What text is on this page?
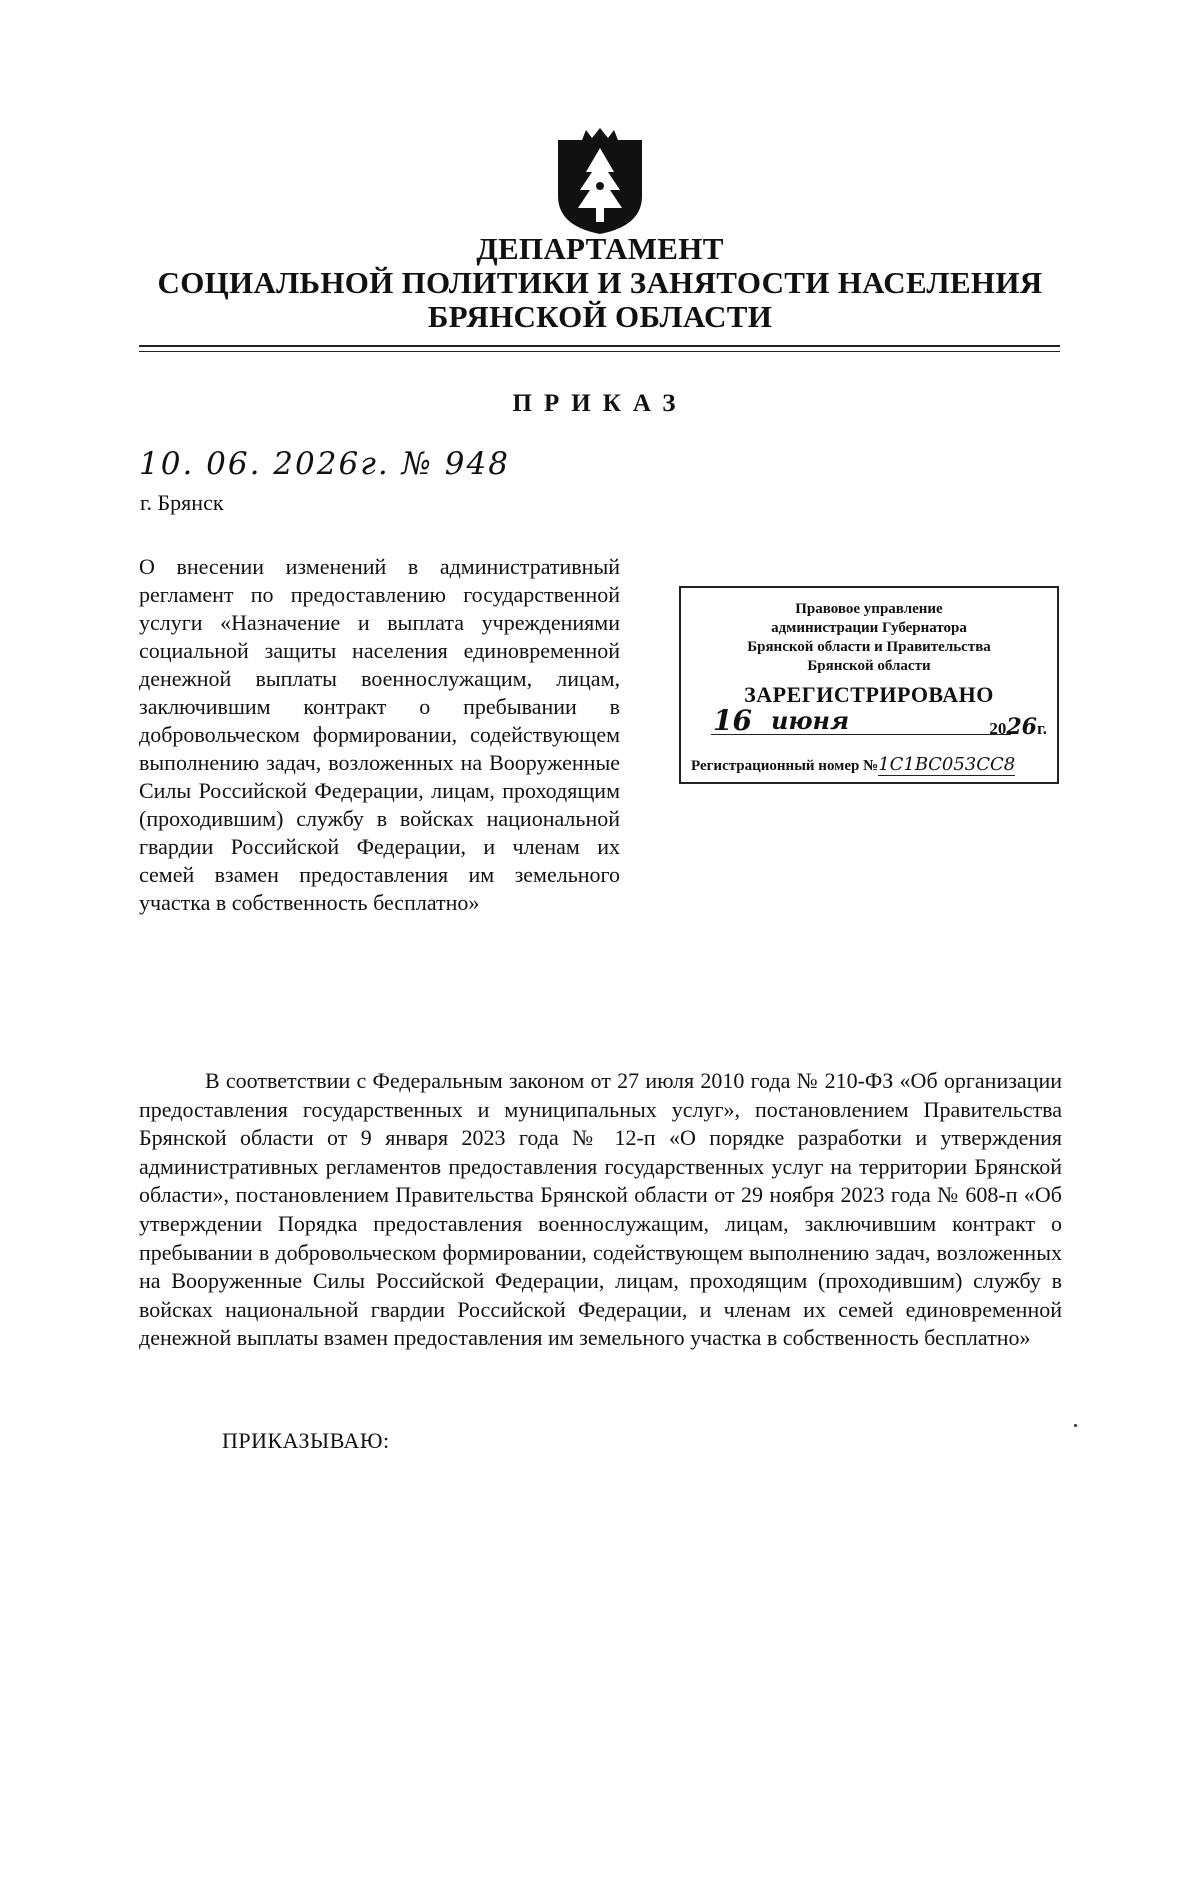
ДЕПАРТАМЕНТ
СОЦИАЛЬНОЙ ПОЛИТИКИ И ЗАНЯТОСТИ НАСЕЛЕНИЯ
БРЯНСКОЙ ОБЛАСТИ
ПРИКАЗ
10. 06. 2026г. № 948
г. Брянск
О внесении изменений в административный регламент по предоставлению государственной услуги «Назначение и выплата учреждениями социальной защиты населения единовременной денежной выплаты военнослужащим, лицам, заключившим контракт о пребывании в добровольческом формировании, содействующем выполнению задач, возложенных на Вооруженные Силы Российской Федерации, лицам, проходящим (проходившим) службу в войсках национальной гвардии Российской Федерации, и членам их семей взамен предоставления им земельного участка в собственность бесплатно»
Правовое управление
администрации Губернатора
Брянской области и Правительства
Брянской области
ЗАРЕГИСТРИРОВАНО
16 июня	2026г.
Регистрационный номер №1С1ВС053СС8
В соответствии с Федеральным законом от 27 июля 2010 года № 210-ФЗ «Об организации предоставления государственных и муниципальных услуг», постановлением Правительства Брянской области от 9 января 2023 года № 12-п «О порядке разработки и утверждения административных регламентов предоставления государственных услуг на территории Брянской области», постановлением Правительства Брянской области от 29 ноября 2023 года № 608-п «Об утверждении Порядка предоставления военнослужащим, лицам, заключившим контракт о пребывании в добровольческом формировании, содействующем выполнению задач, возложенных на Вооруженные Силы Российской Федерации, лицам, проходящим (проходившим) службу в войсках национальной гвардии Российской Федерации, и членам их семей единовременной денежной выплаты взамен предоставления им земельного участка в собственность бесплатно»
ПРИКАЗЫВАЮ:
